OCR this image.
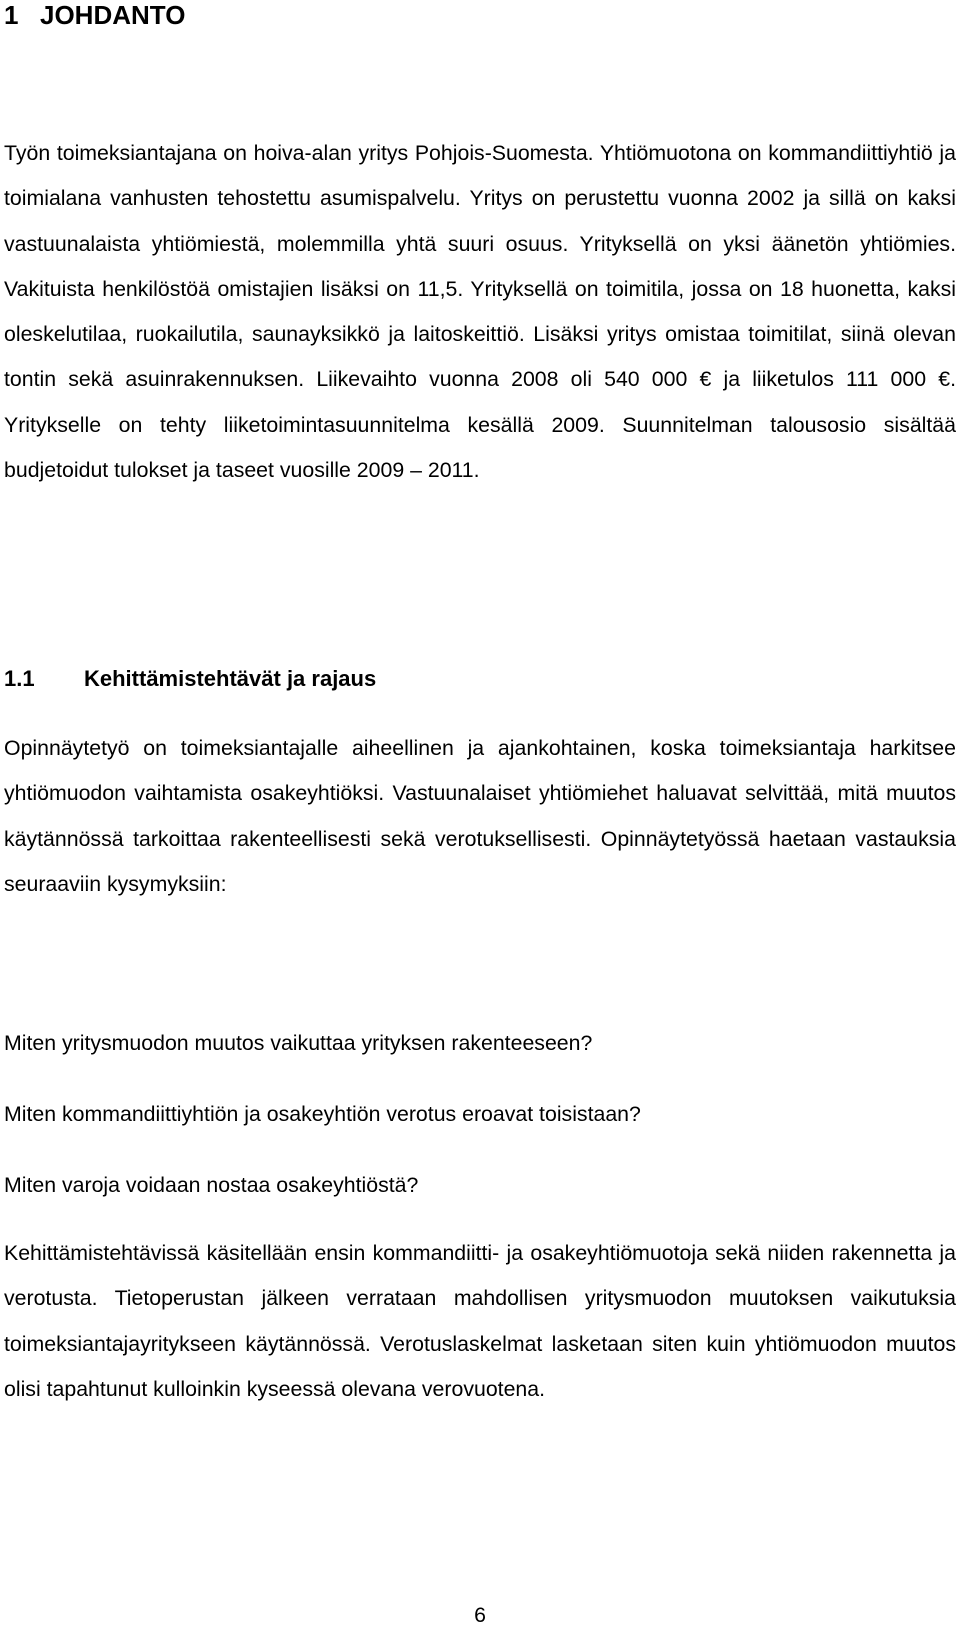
1 JOHDANTO

Työn toimeksiantajana on hoiva-alan yritys Pohjois-Suomesta. Yhtiömuotona on kommandiittiyhtiö ja toimialana vanhusten tehostettu asumispalvelu. Yritys on perustettu vuonna 2002 ja sillä on kaksi vastuunalaista yhtiömiestä, molemmilla yhtä suuri osuus. Yrityksellä on yksi äänetön yhtiömies. Vakituista henkilöstöä omistajien lisäksi on 11,5. Yrityksellä on toimitila, jossa on 18 huonetta, kaksi oleskelutilaa, ruokailutila, saunayksikkö ja laitoskeittiö. Lisäksi yritys omistaa toimitilat, siinä olevan tontin sekä asuinrakennuksen. Liikevaihto vuonna 2008 oli 540 000 € ja liiketulos 111 000 €. Yritykselle on tehty liiketoimintasuunnitelma kesällä 2009. Suunnitelman talousosio sisältää budjetoidut tulokset ja taseet vuosille 2009 – 2011.

1.1 Kehittämistehtävät ja rajaus

Opinnäytetyö on toimeksiantajalle aiheellinen ja ajankohtainen, koska toimeksiantaja harkitsee yhtiömuodon vaihtamista osakeyhtiöksi. Vastuunalaiset yhtiömiehet haluavat selvittää, mitä muutos käytännössä tarkoittaa rakenteellisesti sekä verotuksellisesti. Opinnäytetyössä haetaan vastauksia seuraaviin kysymyksiin:

Miten yritysmuodon muutos vaikuttaa yrityksen rakenteeseen?

Miten kommandiittiyhtiön ja osakeyhtiön verotus eroavat toisistaan?

Miten varoja voidaan nostaa osakeyhtiöstä?

Kehittämistehtävissä käsitellään ensin kommandiitti- ja osakeyhtiömuotoja sekä niiden rakennetta ja verotusta. Tietoperustan jälkeen verrataan mahdollisen yritysmuodon muutoksen vaikutuksia toimeksiantajayritykseen käytännössä. Verotuslaskelmat lasketaan siten kuin yhtiömuodon muutos olisi tapahtunut kulloinkin kyseessä olevana verovuotena.

6
